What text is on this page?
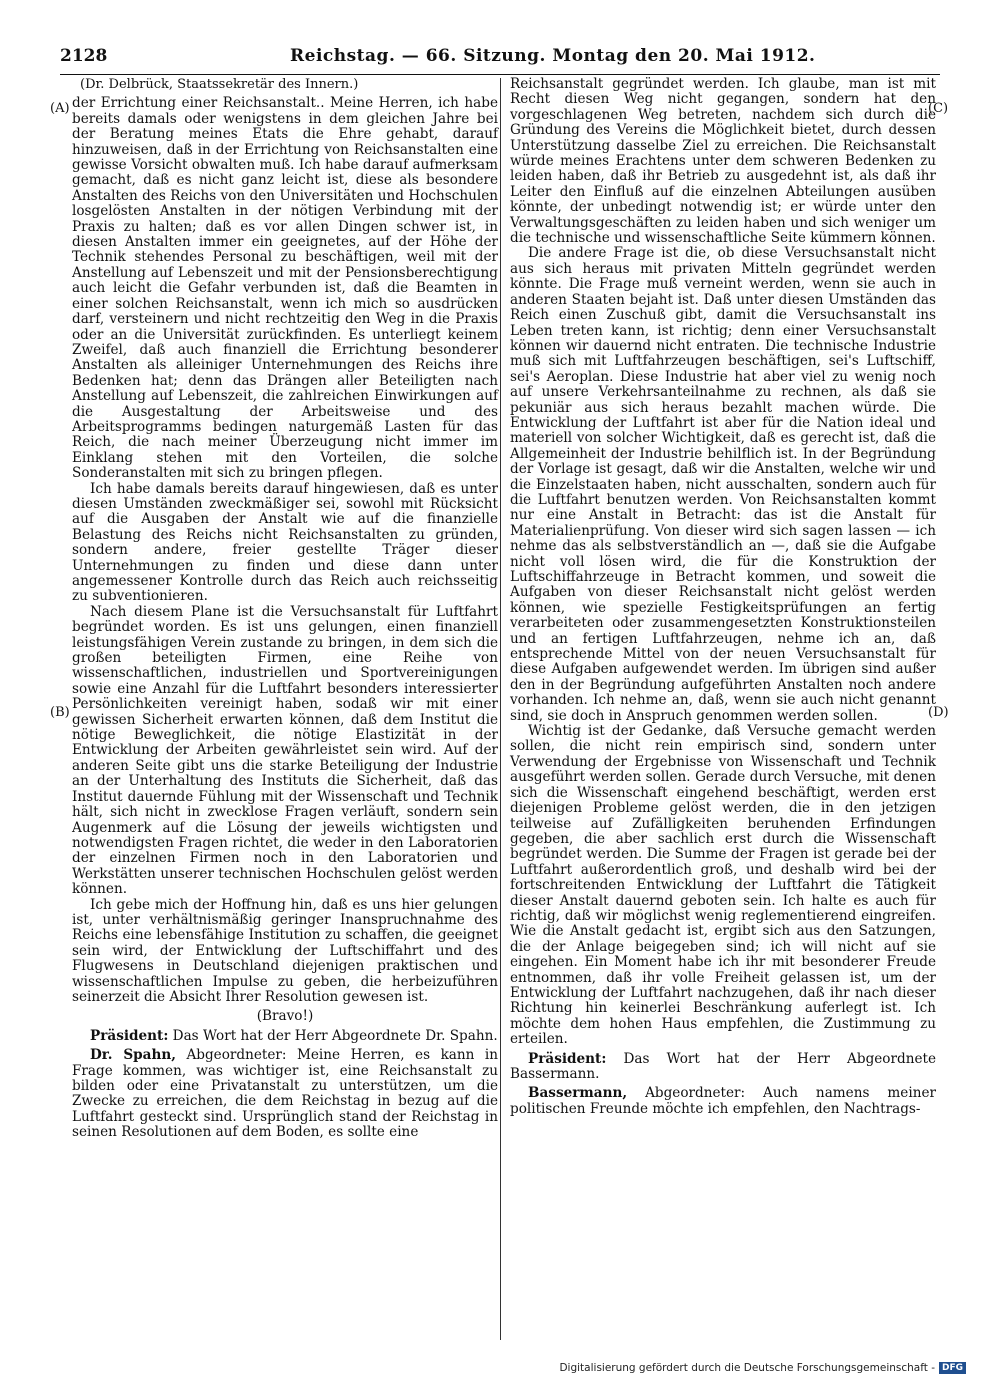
2128	Reichstag. — 66. Sitzung. Montag den 20. Mai 1912.
(A)
(B)
(C)
(D)

(Dr. Delbrück, Staatssekretär des Innern.)

der Errichtung einer Reichsanstalt.. Meine Herren, ich habe bereits damals oder wenigstens in dem gleichen Jahre bei der Beratung meines Etats die Ehre gehabt, darauf hinzuweisen, daß in der Errichtung von Reichsanstalten eine gewisse Vorsicht obwalten muß. Ich habe darauf aufmerksam gemacht, daß es nicht ganz leicht ist, diese als besondere Anstalten des Reichs von den Universitäten und Hochschulen losgelösten Anstalten in der nötigen Verbindung mit der Praxis zu halten; daß es vor allen Dingen schwer ist, in diesen Anstalten immer ein geeignetes, auf der Höhe der Technik stehendes Personal zu beschäftigen, weil mit der Anstellung auf Lebenszeit und mit der Pensionsberechtigung auch leicht die Gefahr verbunden ist, daß die Beamten in einer solchen Reichsanstalt, wenn ich mich so ausdrücken darf, versteinern und nicht rechtzeitig den Weg in die Praxis oder an die Universität zurückfinden. Es unterliegt keinem Zweifel, daß auch finanziell die Errichtung besonderer Anstalten als alleiniger Unternehmungen des Reichs ihre Bedenken hat; denn das Drängen aller Beteiligten nach Anstellung auf Lebenszeit, die zahlreichen Einwirkungen auf die Ausgestaltung der Arbeitsweise und des Arbeitsprogramms bedingen naturgemäß Lasten für das Reich, die nach meiner Überzeugung nicht immer im Einklang stehen mit den Vorteilen, die solche Sonderanstalten mit sich zu bringen pflegen.

Ich habe damals bereits darauf hingewiesen, daß es unter diesen Umständen zweckmäßiger sei, sowohl mit Rücksicht auf die Ausgaben der Anstalt wie auf die finanzielle Belastung des Reichs nicht Reichsanstalten zu gründen, sondern andere, freier gestellte Träger dieser Unternehmungen zu finden und diese dann unter angemessener Kontrolle durch das Reich auch reichsseitig zu subventionieren.

Nach diesem Plane ist die Versuchsanstalt für Luftfahrt begründet worden. Es ist uns gelungen, einen finanziell leistungsfähigen Verein zustande zu bringen, in dem sich die großen beteiligten Firmen, eine Reihe von wissenschaftlichen, industriellen und Sportvereinigungen sowie eine Anzahl für die Luftfahrt besonders interessierter Persönlichkeiten vereinigt haben, sodaß wir mit einer gewissen Sicherheit erwarten können, daß dem Institut die nötige Beweglichkeit, die nötige Elastizität in der Entwicklung der Arbeiten gewährleistet sein wird. Auf der anderen Seite gibt uns die starke Beteiligung der Industrie an der Unterhaltung des Instituts die Sicherheit, daß das Institut dauernde Fühlung mit der Wissenschaft und Technik hält, sich nicht in zwecklose Fragen verläuft, sondern sein Augenmerk auf die Lösung der jeweils wichtigsten und notwendigsten Fragen richtet, die weder in den Laboratorien der einzelnen Firmen noch in den Laboratorien und Werkstätten unserer technischen Hochschulen gelöst werden können.

Ich gebe mich der Hoffnung hin, daß es uns hier gelungen ist, unter verhältnismäßig geringer Inanspruchnahme des Reichs eine lebensfähige Institution zu schaffen, die geeignet sein wird, der Entwicklung der Luftschiffahrt und des Flugwesens in Deutschland diejenigen praktischen und wissenschaftlichen Impulse zu geben, die herbeizuführen seinerzeit die Absicht Ihrer Resolution gewesen ist.

(Bravo!)

Präsident: Das Wort hat der Herr Abgeordnete Dr. Spahn.

Dr. Spahn, Abgeordneter: Meine Herren, es kann in Frage kommen, was wichtiger ist, eine Reichsanstalt zu bilden oder eine Privatanstalt zu unterstützen, um die Zwecke zu erreichen, die dem Reichstag in bezug auf die Luftfahrt gesteckt sind. Ursprünglich stand der Reichstag in seinen Resolutionen auf dem Boden, es sollte eine

Reichsanstalt gegründet werden. Ich glaube, man ist mit Recht diesen Weg nicht gegangen, sondern hat den vorgeschlagenen Weg betreten, nachdem sich durch die Gründung des Vereins die Möglichkeit bietet, durch dessen Unterstützung dasselbe Ziel zu erreichen. Die Reichsanstalt würde meines Erachtens unter dem schweren Bedenken zu leiden haben, daß ihr Betrieb zu ausgedehnt ist, als daß ihr Leiter den Einfluß auf die einzelnen Abteilungen ausüben könnte, der unbedingt notwendig ist; er würde unter den Verwaltungsgeschäften zu leiden haben und sich weniger um die technische und wissenschaftliche Seite kümmern können.

Die andere Frage ist die, ob diese Versuchsanstalt nicht aus sich heraus mit privaten Mitteln gegründet werden könnte. Die Frage muß verneint werden, wenn sie auch in anderen Staaten bejaht ist. Daß unter diesen Umständen das Reich einen Zuschuß gibt, damit die Versuchsanstalt ins Leben treten kann, ist richtig; denn einer Versuchsanstalt können wir dauernd nicht entraten. Die technische Industrie muß sich mit Luftfahrzeugen beschäftigen, sei's Luftschiff, sei's Aeroplan. Diese Industrie hat aber viel zu wenig noch auf unsere Verkehrsanteilnahme zu rechnen, als daß sie pekuniär aus sich heraus bezahlt machen würde. Die Entwicklung der Luftfahrt ist aber für die Nation ideal und materiell von solcher Wichtigkeit, daß es gerecht ist, daß die Allgemeinheit der Industrie behilflich ist. In der Begründung der Vorlage ist gesagt, daß wir die Anstalten, welche wir und die Einzelstaaten haben, nicht ausschalten, sondern auch für die Luftfahrt benutzen werden. Von Reichsanstalten kommt nur eine Anstalt in Betracht: das ist die Anstalt für Materialienprüfung. Von dieser wird sich sagen lassen — ich nehme das als selbstverständlich an —, daß sie die Aufgabe nicht voll lösen wird, die für die Konstruktion der Luftschiffahrzeuge in Betracht kommen, und soweit die Aufgaben von dieser Reichsanstalt nicht gelöst werden können, wie spezielle Festigkeitsprüfungen an fertig verarbeiteten oder zusammengesetzten Konstruktionsteilen und an fertigen Luftfahrzeugen, nehme ich an, daß entsprechende Mittel von der neuen Versuchsanstalt für diese Aufgaben aufgewendet werden. Im übrigen sind außer den in der Begründung aufgeführten Anstalten noch andere vorhanden. Ich nehme an, daß, wenn sie auch nicht genannt sind, sie doch in Anspruch genommen werden sollen.

Wichtig ist der Gedanke, daß Versuche gemacht werden sollen, die nicht rein empirisch sind, sondern unter Verwendung der Ergebnisse von Wissenschaft und Technik ausgeführt werden sollen. Gerade durch Versuche, mit denen sich die Wissenschaft eingehend beschäftigt, werden erst diejenigen Probleme gelöst werden, die in den jetzigen teilweise auf Zufälligkeiten beruhenden Erfindungen gegeben, die aber sachlich erst durch die Wissenschaft begründet werden. Die Summe der Fragen ist gerade bei der Luftfahrt außerordentlich groß, und deshalb wird bei der fortschreitenden Entwicklung der Luftfahrt die Tätigkeit dieser Anstalt dauernd geboten sein. Ich halte es auch für richtig, daß wir möglichst wenig reglementierend eingreifen. Wie die Anstalt gedacht ist, ergibt sich aus den Satzungen, die der Anlage beigegeben sind; ich will nicht auf sie eingehen. Ein Moment habe ich ihr mit besonderer Freude entnommen, daß ihr volle Freiheit gelassen ist, um der Entwicklung der Luftfahrt nachzugehen, daß ihr nach dieser Richtung hin keinerlei Beschränkung auferlegt ist. Ich möchte dem hohen Haus empfehlen, die Zustimmung zu erteilen.

Präsident: Das Wort hat der Herr Abgeordnete Bassermann.

Bassermann, Abgeordneter: Auch namens meiner politischen Freunde möchte ich empfehlen, den Nachtrags-

Digitalisierung gefördert durch die Deutsche Forschungsgemeinschaft - DFG
